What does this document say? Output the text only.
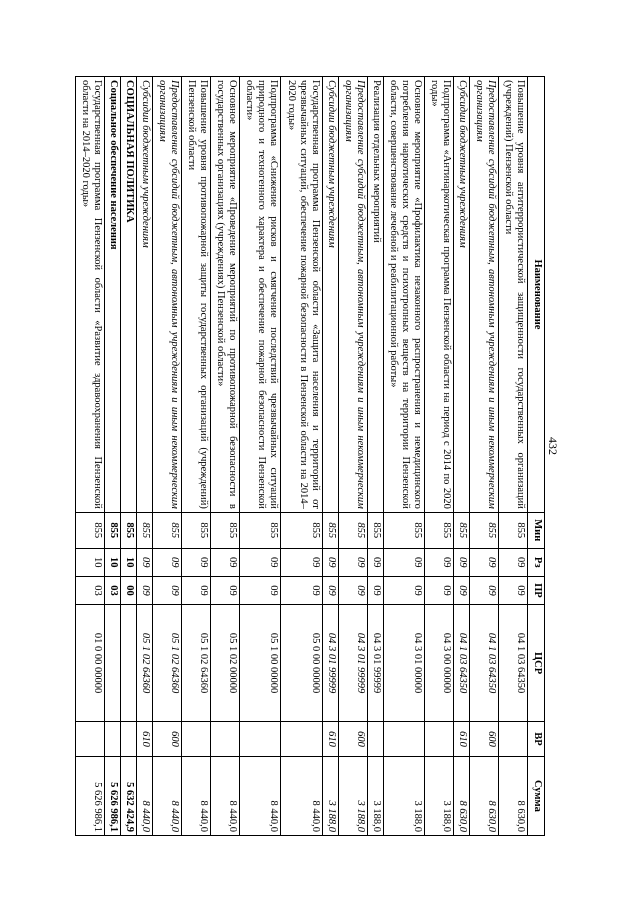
432
Наименование	Мин	Рз	ПР	ЦСР	ВР	Сумма
Повышение уровня антитеррористической защищенности государственных организаций (учреждений) Пензенской области	855	09	09	04 1 03 64350		8 630,0
Предоставление субсидий бюджетным, автономным учреждениям и иным некоммерческим организациям	855	09	09	04 1 03 64350	600	8 630,0
Субсидии бюджетным учреждениям	855	09	09	04 1 03 64350	610	8 630,0
Подпрограмма «Антинаркотическая программа Пензенской области на период с 2014 по 2020 годы»	855	09	09	04 3 00 00000		3 188,0
Основное мероприятие «Профилактика незаконного распространения и немедицинского потребления наркотических средств и психотропных веществ на территории Пензенской области, совершенствование лечебной и реабилитационной работы»	855	09	09	04 3 01 00000		3 188,0
Реализация отдельных мероприятий	855	09	09	04 3 01 99999		3 188,0
Предоставление субсидий бюджетным, автономным учреждениям и иным некоммерческим организациям	855	09	09	04 3 01 99999	600	3 188,0
Субсидии бюджетным учреждениям	855	09	09	04 3 01 99999	610	3 188,0
Государственная программа Пензенской области «Защита населения и территорий от чрезвычайных ситуаций, обеспечение пожарной безопасности в Пензенской области на 2014–2020 годы»	855	09	09	05 0 00 00000		8 440,0
Подпрограмма «Снижение рисков и смягчение последствий чрезвычайных ситуаций природного и техногенного характера и обеспечение пожарной безопасности Пензенской области»	855	09	09	05 1 00 00000		8 440,0
Основное мероприятие «Проведение мероприятий по противопожарной безопасности в государственных организациях (учреждениях) Пензенской области»	855	09	09	05 1 02 00000		8 440,0
Повышение уровня противопожарной защиты государственных организаций (учреждений) Пензенской области	855	09	09	05 1 02 64360		8 440,0
Предоставление субсидий бюджетным, автономным учреждениям и иным некоммерческим организациям	855	09	09	05 1 02 64360	600	8 440,0
Субсидии бюджетным учреждениям	855	09	09	05 1 02 64360	610	8 440,0
СОЦИАЛЬНАЯ ПОЛИТИКА	855	10	00			5 632 424,9
Социальное обеспечение населения	855	10	03			5 626 986,1
Государственная программа Пензенской области «Развитие здравоохранения Пензенской области на 2014–2020 годы»	855	10	03	01 0 00 00000		5 626 986,1
